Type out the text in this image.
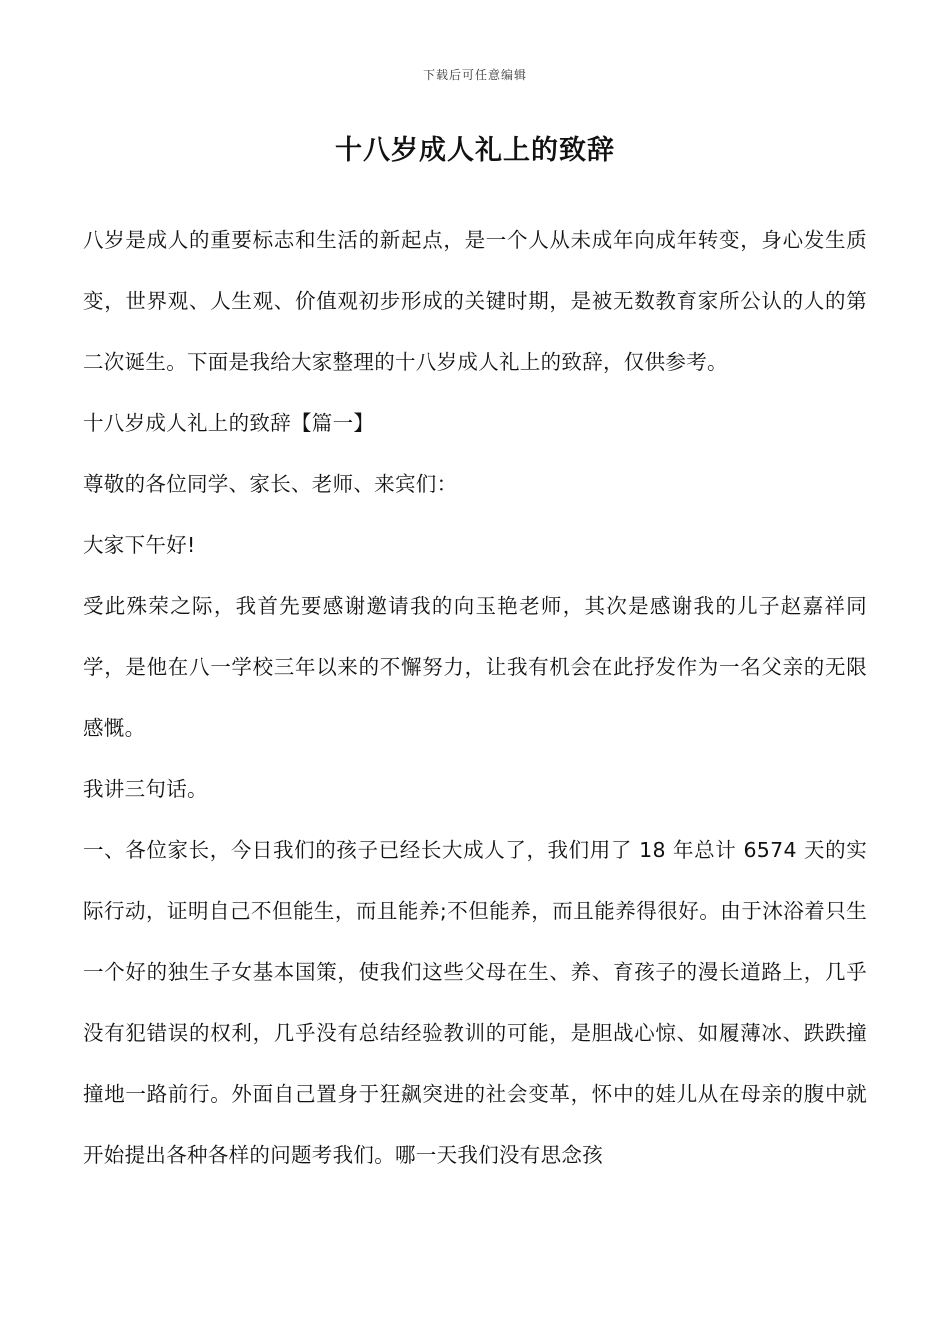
下载后可任意编辑
十八岁成人礼上的致辞

八岁是成人的重要标志和生活的新起点，是一个人从未成年向成年转变，身心发生质变，世界观、人生观、价值观初步形成的关键时期，是被无数教育家所公认的人的第二次诞生。下面是我给大家整理的十八岁成人礼上的致辞，仅供参考。

十八岁成人礼上的致辞【篇一】

尊敬的各位同学、家长、老师、来宾们：

大家下午好!

受此殊荣之际，我首先要感谢邀请我的向玉艳老师，其次是感谢我的儿子赵嘉祥同学，是他在八一学校三年以来的不懈努力，让我有机会在此抒发作为一名父亲的无限感慨。

我讲三句话。

一、各位家长，今日我们的孩子已经长大成人了，我们用了 18 年总计 6574 天的实际行动，证明自己不但能生，而且能养;不但能养，而且能养得很好。由于沐浴着只生一个好的独生子女基本国策，使我们这些父母在生、养、育孩子的漫长道路上，几乎没有犯错误的权利，几乎没有总结经验教训的可能，是胆战心惊、如履薄冰、跌跌撞撞地一路前行。外面自己置身于狂飙突进的社会变革，怀中的娃儿从在母亲的腹中就开始提出各种各样的问题考我们。哪一天我们没有思念孩
